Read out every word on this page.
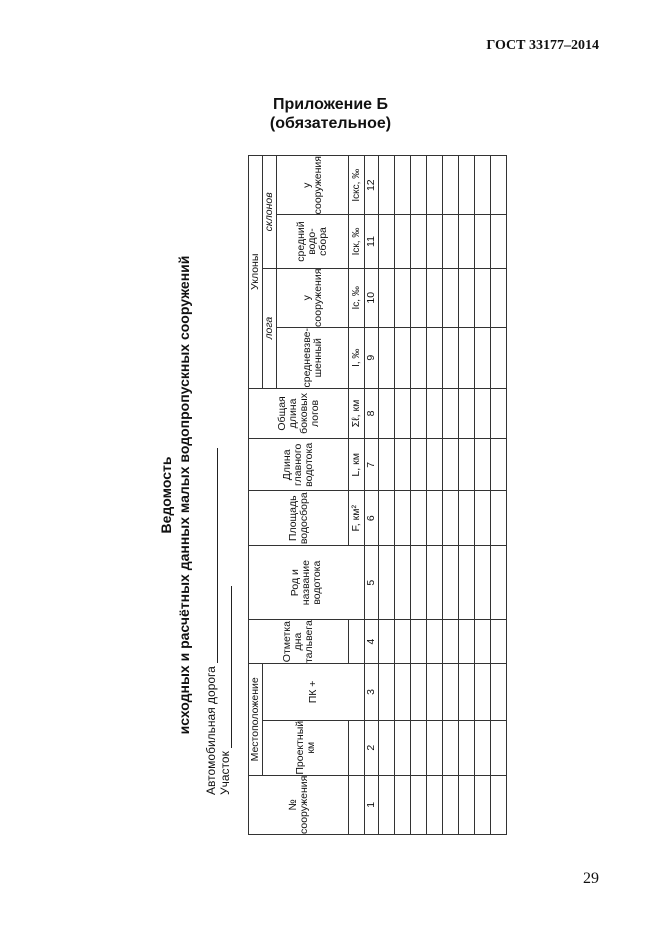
ГОСТ 33177–2014
Приложение Б
(обязательное)
Ведомость исходных и расчётных данных малых водопропускных сооружений Автомобильная дорога Участок
№ сооружения	Местоположение		Отметка дна тальвега	Род и название водотока	Площадь водосбора	Длина главного водотока	Общая длина боковых логов	Уклоны			
	Проектный км	ПК +						лога		склонов	
								средневзве-шенный	у сооружения	средний водо-сбора	у сооружения
					F, км²	L, км	Σℓ, км	I, ‰	Iс, ‰	Iск, ‰	Iскс, ‰
1	2	3	4	5	6	7	8	9	10	11	12

29
